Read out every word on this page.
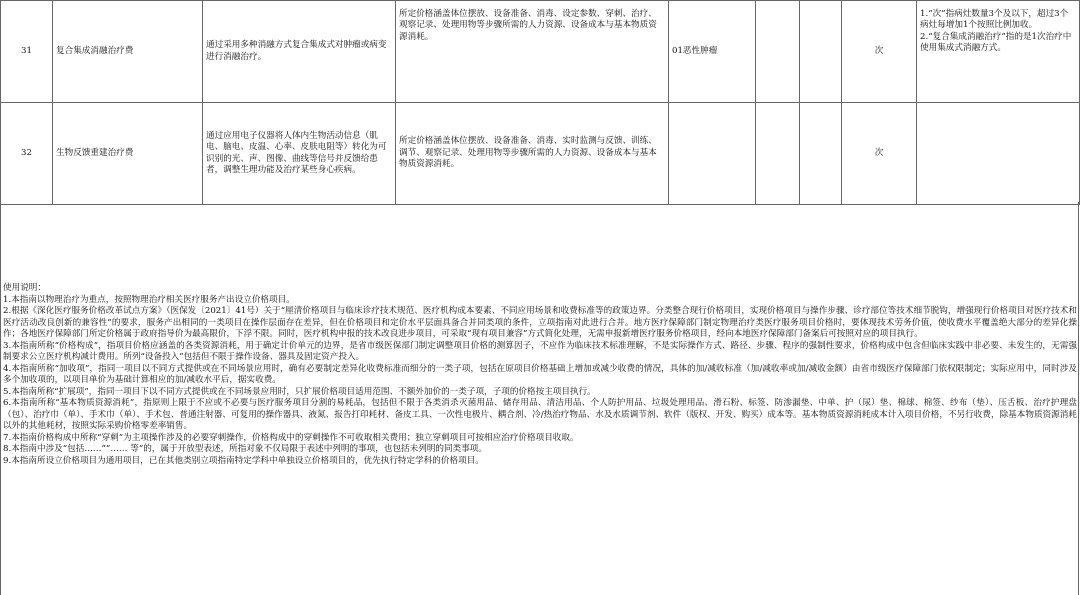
31	复合集成消融治疗费	通过采用多种消融方式复合集成式对肿瘤或病变进行消融治疗。	所定价格涵盖体位摆放、设备准备、消毒、设定参数、穿刺、治疗、观察记录、处理用物等步骤所需的人力资源、设备成本与基本物质资源消耗。	01恶性肿瘤			次	1.“次”指病灶数量3个及以下，超过3个病灶每增加1个按照比例加收。
2.“复合集成消融治疗”指的是1次治疗中使用集成式消融方式。
32	生物反馈重建治疗费	通过应用电子仪器将人体内生物活动信息（肌电、脑电、皮温、心率、皮肤电阻等）转化为可识别的光、声、图像、曲线等信号并反馈给患者，调整生理功能及治疗某些身心疾病。	所定价格涵盖体位摆放、设备准备、消毒、实时监测与反馈、训练、调节、观察记录、处理用物等步骤所需的人力资源、设备成本与基本物质资源消耗。				次	
使用说明：
1.本指南以物理治疗为重点，按照物理治疗相关医疗服务产出设立价格项目。
2.根据《深化医疗服务价格改革试点方案》（医保发〔2021〕41号）关于“厘清价格项目与临床诊疗技术规范、医疗机构成本要素、不同应用场景和收费标准等的政策边界。分类整合现行价格项目，实现价格项目与操作步骤、诊疗部位等技术细节脱钩，增强现行价格项目对医疗技术和医疗活动改良创新的兼容性”的要求，服务产出相同的一类项目在操作层面存在差异，但在价格项目和定价水平层面具备合并同类项的条件，立项指南对此进行合并。地方医疗保障部门制定物理治疗类医疗服务项目价格时，要体现技术劳务价值，使收费水平覆盖绝大部分的差异化操作；各地医疗保障部门所定价格属于政府指导价为最高限价，下浮不限。同时，医疗机构申报的技术改良进步项目，可采取“现有项目兼容”方式简化处理，无需申报新增医疗服务价格项目，经向本地医疗保障部门备案后可按照对应的项目执行。
3.本指南所称“价格构成”，指项目价格应涵盖的各类资源消耗，用于确定计价单元的边界，是省市级医保部门制定调整项目价格的测算因子，不应作为临床技术标准理解，不是实际操作方式、路径、步骤、程序的强制性要求，价格构成中包含但临床实践中非必要、未发生的，无需强制要求公立医疗机构减计费用。所列“设备投入”包括但不限于操作设备、器具及固定资产投入。
4.本指南所称“加收项”，指同一项目以不同方式提供或在不同场景应用时，确有必要制定差异化收费标准而细分的一类子项，包括在原项目价格基础上增加或减少收费的情况，具体的加/减收标准（加/减收率或加/减收金额）由省市级医疗保障部门依权限制定；实际应用中，同时涉及多个加收项的，以项目单价为基础计算相应的加/减收水平后，据实收费。
5.本指南所称“扩展项”，指同一项目下以不同方式提供或在不同场景应用时，只扩展价格项目适用范围、不额外加价的一类子项，子项的价格按主项目执行。
6.本指南所称“基本物质资源消耗”，指原则上限于不应或不必要与医疗服务项目分割的易耗品，包括但不限于各类消杀灭菌用品、储存用品、清洁用品、个人防护用品、垃圾处理用品、滑石粉、标签、防渗漏垫、中单、护（尿）垫、棉球、棉签、纱布（垫）、压舌板、治疗护理盘（包）、治疗巾（单）、手术巾（单）、手术包、普通注射器、可复用的操作器具、液氮、报告打印耗材、备皮工具、一次性电极片、耦合剂、冷/热治疗物品、水及水质调节剂、软件（版权、开发、购买）成本等。基本物质资源消耗成本计入项目价格，不另行收费，除基本物质资源消耗以外的其他耗材，按照实际采购价格零差率销售。
7.本指南价格构成中所称“穿刺”为主项操作涉及的必要穿刺操作，价格构成中的穿刺操作不可收取相关费用；独立穿刺项目可按相应治疗价格项目收取。
8.本指南中涉及“包括……”“…… 等”的，属于开放型表述，所指对象不仅局限于表述中列明的事项，也包括未列明的同类事项。
9.本指南所设立价格项目为通用项目，已在其他类别立项指南特定学科中单独设立价格项目的，优先执行特定学科的价格项目。
